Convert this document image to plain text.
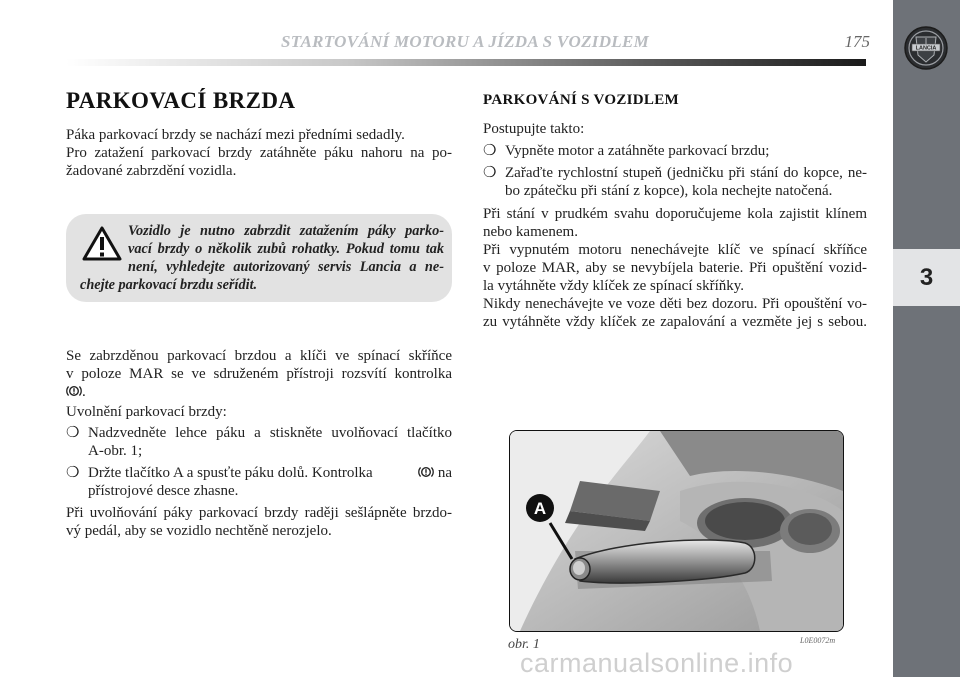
STARTOVÁNÍ MOTORU A JÍZDA S VOZIDLEM	175
3
LANCIA
PARKOVACÍ BRZDA
Páka parkovací brzdy se nachází mezi předními sedadly.
Pro zatažení parkovací brzdy zatáhněte páku nahoru na po-
žadované zabrzdění vozidla.
Vozidlo je nutno zabrzdit zatažením páky parko-
vací brzdy o několik zubů rohatky. Pokud tomu tak
není, vyhledejte autorizovaný servis Lancia a ne-
chejte parkovací brzdu seřídit.
Se zabrzděnou parkovací brzdou a klíči ve spínací skříňce
v poloze MAR se ve sdruženém přístroji rozsvítí kontrolka
.
Uvolnění parkovací brzdy:
❍ Nadzvedněte lehce páku a stiskněte uvolňovací tlačítko
A-obr. 1;
❍ Držte tlačítko A a spusťte páku dolů. Kontrolka	na
přístrojové desce zhasne.
Při uvolňování páky parkovací brzdy raději sešlápněte brzdo-
vý pedál, aby se vozidlo nechtěně nerozjelo.
PARKOVÁNÍ S VOZIDLEM
Postupujte takto:
❍ Vypněte motor a zatáhněte parkovací brzdu;
❍ Zařaďte rychlostní stupeň (jedničku při stání do kopce, ne-
bo zpátečku při stání z kopce), kola nechejte natočená.
Při stání v prudkém svahu doporučujeme kola zajistit klínem
nebo kamenem.
Při vypnutém motoru nenechávejte klíč ve spínací skříňce
v poloze MAR, aby se nevybíjela baterie. Při opuštění vozid-
la vytáhněte vždy klíček ze spínací skříňky.
Nikdy nenechávejte ve voze děti bez dozoru. Při opouštění vo-
zu vytáhněte vždy klíček ze zapalování a vezměte jej s sebou.
A
obr. 1	L0E0072m
carmanualsonline.info
